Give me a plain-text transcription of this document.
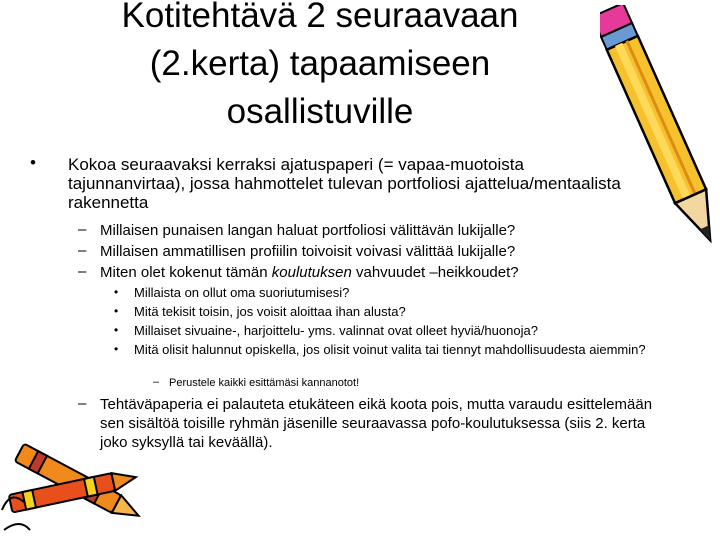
Kotitehtävä 2 seuraavaan
(2.kerta) tapaamiseen
osallistuville
• Kokoa seuraavaksi kerraksi ajatuspaperi (= vapaa-muotoista tajunnanvirtaa), jossa hahmottelet tulevan portfoliosi ajattelua/mentaalista rakennetta
– Millaisen punaisen langan haluat portfoliosi välittävän lukijalle?
– Millaisen ammatillisen profiilin toivoisit voivasi välittää lukijalle?
– Miten olet kokenut tämän koulutuksen vahvuudet –heikkoudet?
• Millaista on ollut oma suoriutumisesi?
• Mitä tekisit toisin, jos voisit aloittaa ihan alusta?
• Millaiset sivuaine-, harjoittelu- yms. valinnat ovat olleet hyviä/huonoja?
• Mitä olisit halunnut opiskella, jos olisit voinut valita tai tiennyt mahdollisuudesta aiemmin?
– Perustele kaikki esittämäsi kannanotot!
– Tehtäväpaperia ei palauteta etukäteen eikä koota pois, mutta varaudu esittelemään sen sisältöä toisille ryhmän jäsenille seuraavassa pofo-koulutuksessa (siis 2. kerta joko syksyllä tai keväällä).
